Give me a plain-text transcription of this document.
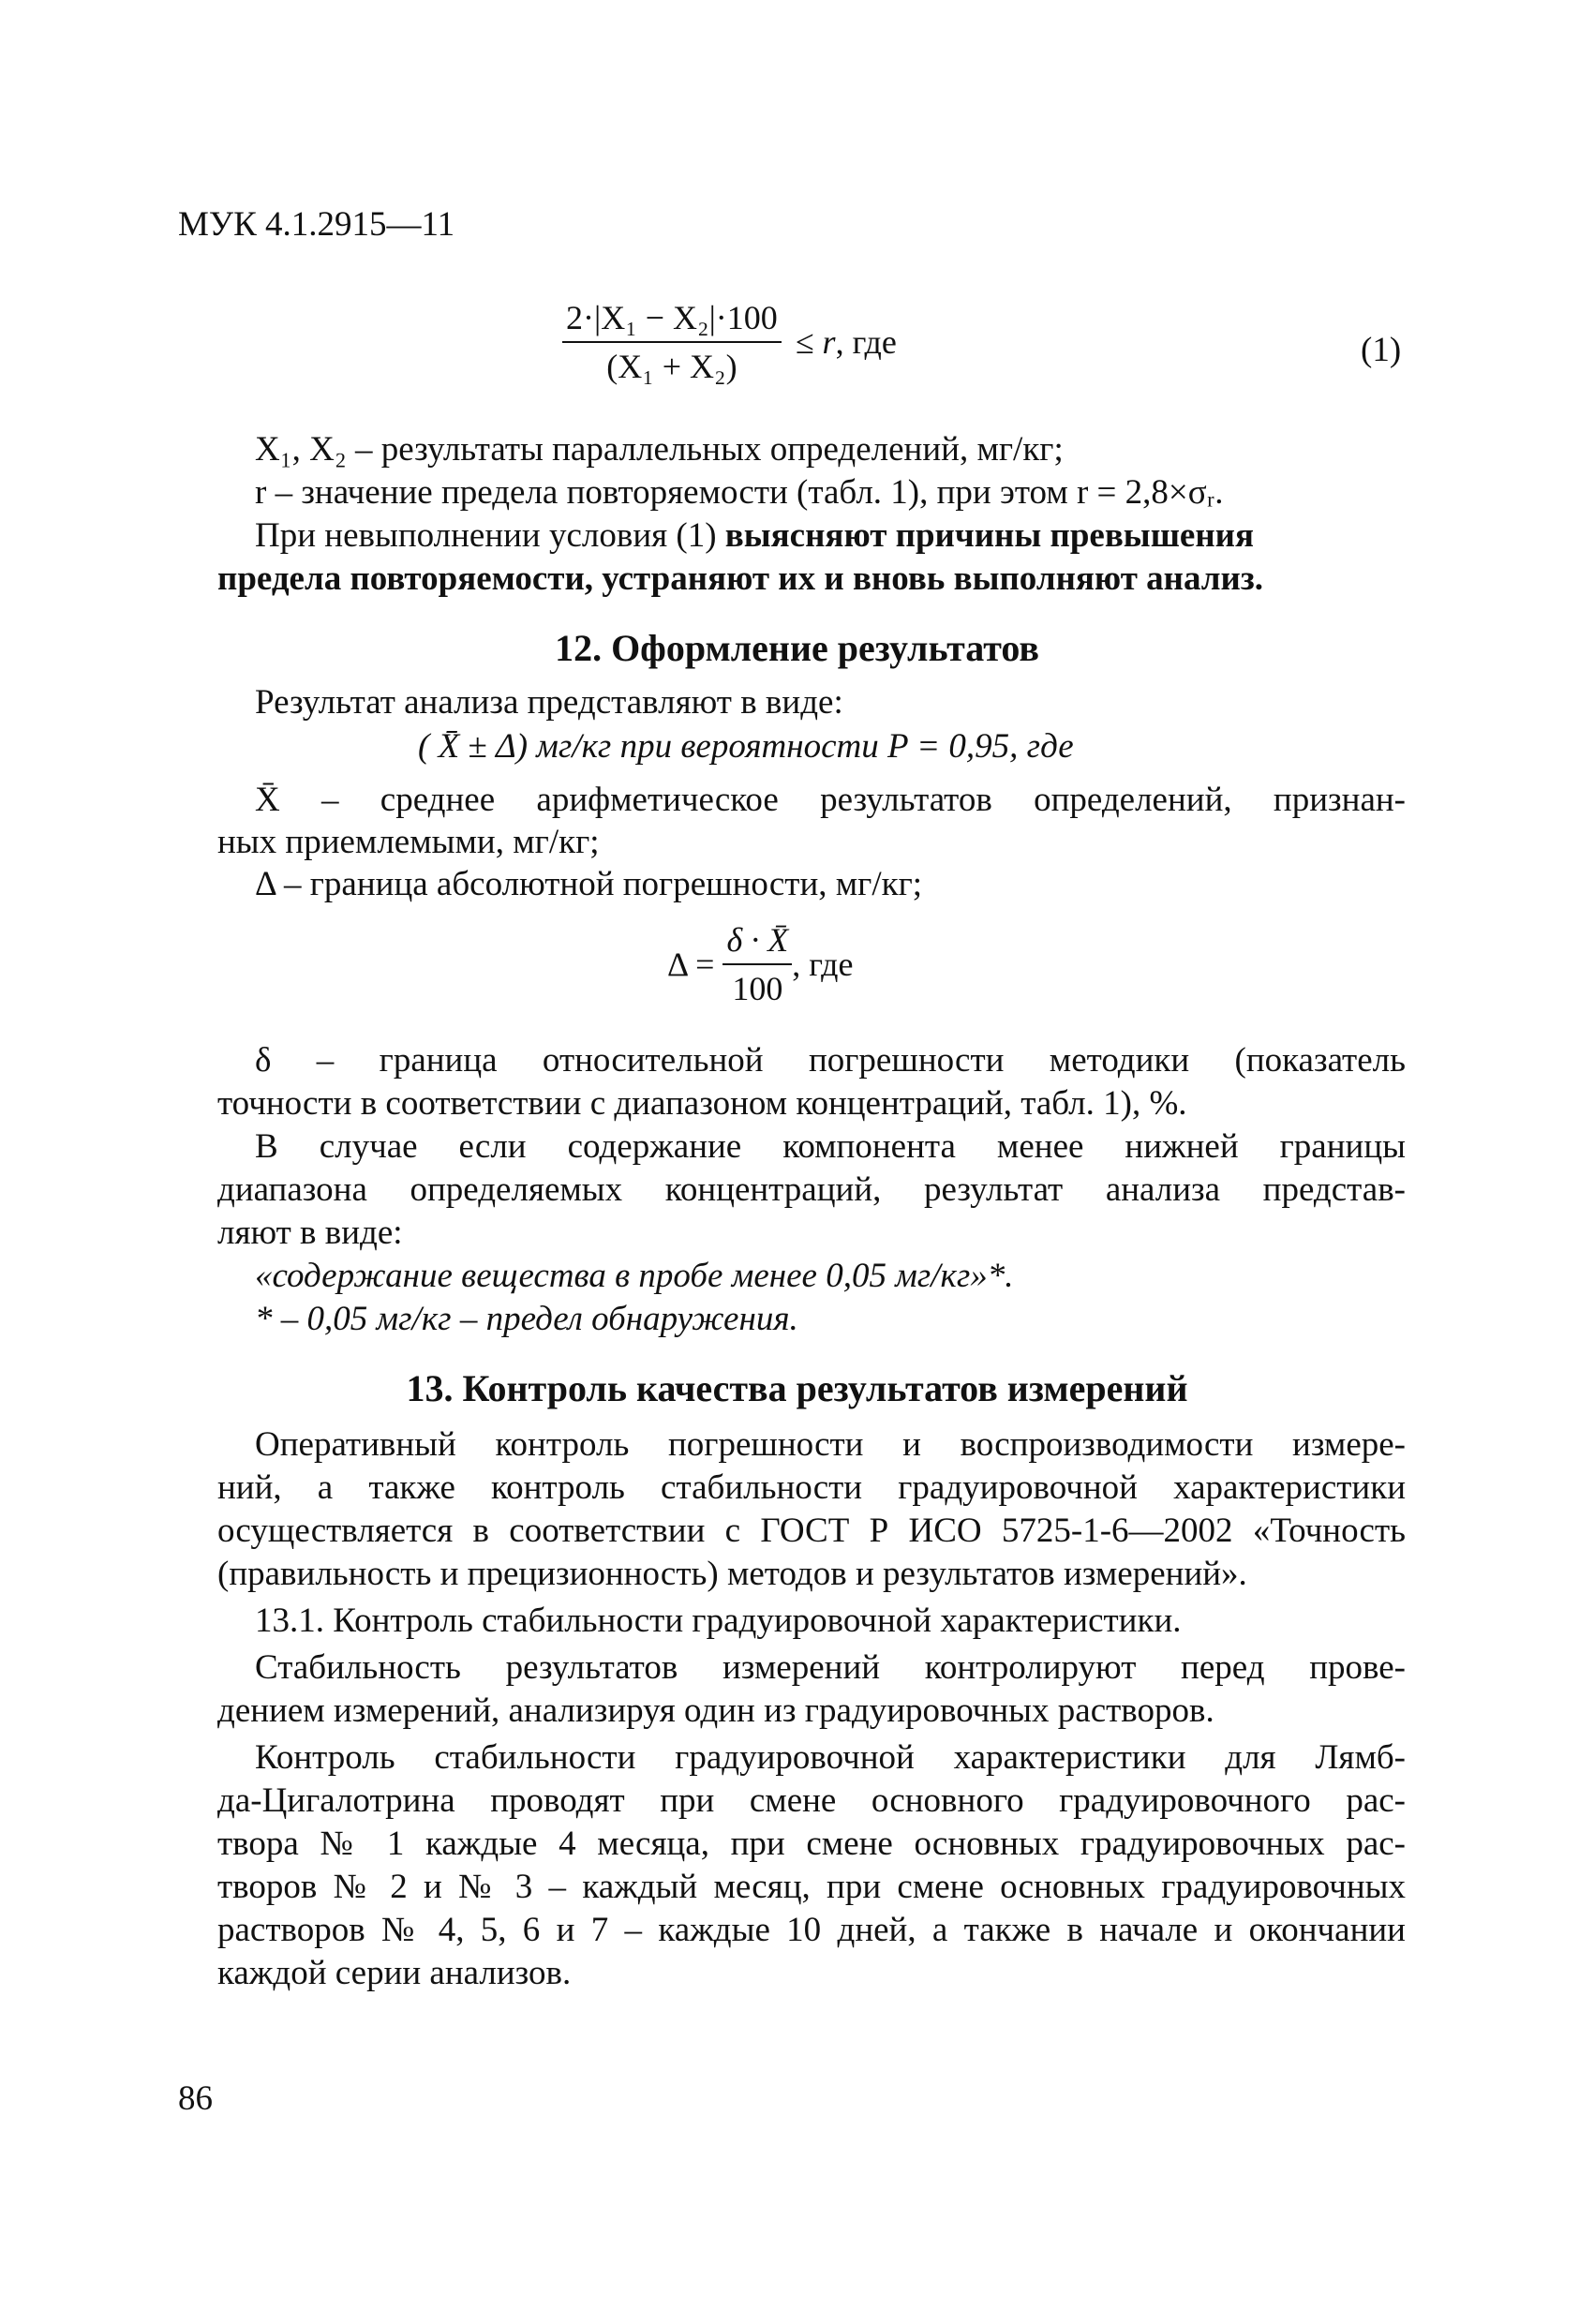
МУК 4.1.2915—11
$\frac{\text{2·|X₁ − X₂|·100}}{\text{(X₁ + X₂)}} \le r$, где	(1)
X₁, X₂ – результаты параллельных определений, мг/кг;
r – значение предела повторяемости (табл. 1), при этом r = 2,8×σᵣ.
При невыполнении условия (1) выясняют причины превышения
предела повторяемости, устраняют их и вновь выполняют анализ.
12. Оформление результатов
Результат анализа представляют в виде:
( X̄ ± Δ) мг/кг при вероятности P = 0,95, где
X̄ – среднее арифметическое результатов определений, признан-
ных приемлемыми, мг/кг;
Δ – граница абсолютной погрешности, мг/кг;
$\Delta = \frac{\delta \cdot X̄}{100}$ , где
δ – граница относительной погрешности методики (показатель
точности в соответствии с диапазоном концентраций, табл. 1), %.
В случае если содержание компонента менее нижней границы
диапазона определяемых концентраций, результат анализа представ-
ляют в виде:
«содержание вещества в пробе менее 0,05 мг/кг»*.
* – 0,05 мг/кг – предел обнаружения.
13. Контроль качества результатов измерений
Оперативный контроль погрешности и воспроизводимости измере-
ний, а также контроль стабильности градуировочной характеристики
осуществляется в соответствии с ГОСТ Р ИСО 5725-1-6—2002 «Точность
(правильность и прецизионность) методов и результатов измерений».
13.1. Контроль стабильности градуировочной характеристики.
Стабильность результатов измерений контролируют перед прове-
дением измерений, анализируя один из градуировочных растворов.
Контроль стабильности градуировочной характеристики для Лямб-
да-Цигалотрина проводят при смене основного градуировочного рас-
твора № 1 каждые 4 месяца, при смене основных градуировочных рас-
творов № 2 и № 3 – каждый месяц, при смене основных градуировочных
растворов № 4, 5, 6 и 7 – каждые 10 дней, а также в начале и окончании
каждой серии анализов.
86
